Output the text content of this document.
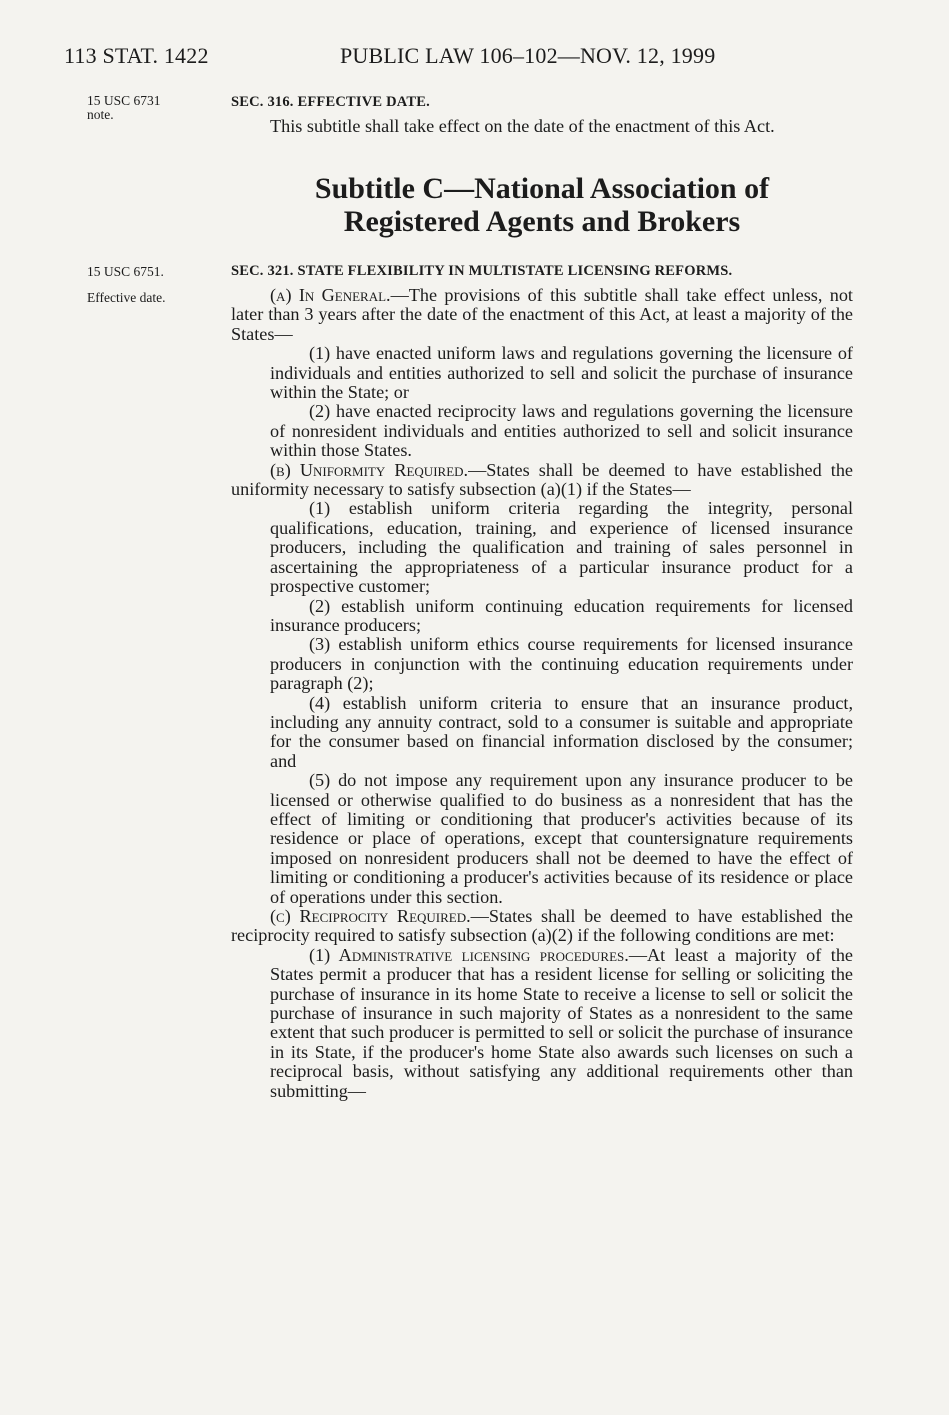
113 STAT. 1422	PUBLIC LAW 106–102—NOV. 12, 1999
15 USC 6731
note.
SEC. 316. EFFECTIVE DATE.

This subtitle shall take effect on the date of the enactment of this Act.

Subtitle C—National Association of
Registered Agents and Brokers
15 USC 6751.
Effective date.
SEC. 321. STATE FLEXIBILITY IN MULTISTATE LICENSING REFORMS.

(a) In General.—The provisions of this subtitle shall take effect unless, not later than 3 years after the date of the enactment of this Act, at least a majority of the States—

(1) have enacted uniform laws and regulations governing the licensure of individuals and entities authorized to sell and solicit the purchase of insurance within the State; or

(2) have enacted reciprocity laws and regulations governing the licensure of nonresident individuals and entities authorized to sell and solicit insurance within those States.

(b) Uniformity Required.—States shall be deemed to have established the uniformity necessary to satisfy subsection (a)(1) if the States—

(1) establish uniform criteria regarding the integrity, personal qualifications, education, training, and experience of licensed insurance producers, including the qualification and training of sales personnel in ascertaining the appropriateness of a particular insurance product for a prospective customer;

(2) establish uniform continuing education requirements for licensed insurance producers;

(3) establish uniform ethics course requirements for licensed insurance producers in conjunction with the continuing education requirements under paragraph (2);

(4) establish uniform criteria to ensure that an insurance product, including any annuity contract, sold to a consumer is suitable and appropriate for the consumer based on financial information disclosed by the consumer; and

(5) do not impose any requirement upon any insurance producer to be licensed or otherwise qualified to do business as a nonresident that has the effect of limiting or conditioning that producer's activities because of its residence or place of operations, except that countersignature requirements imposed on nonresident producers shall not be deemed to have the effect of limiting or conditioning a producer's activities because of its residence or place of operations under this section.

(c) Reciprocity Required.—States shall be deemed to have established the reciprocity required to satisfy subsection (a)(2) if the following conditions are met:

(1) Administrative licensing procedures.—At least a majority of the States permit a producer that has a resident license for selling or soliciting the purchase of insurance in its home State to receive a license to sell or solicit the purchase of insurance in such majority of States as a nonresident to the same extent that such producer is permitted to sell or solicit the purchase of insurance in its State, if the producer's home State also awards such licenses on such a reciprocal basis, without satisfying any additional requirements other than submitting—
